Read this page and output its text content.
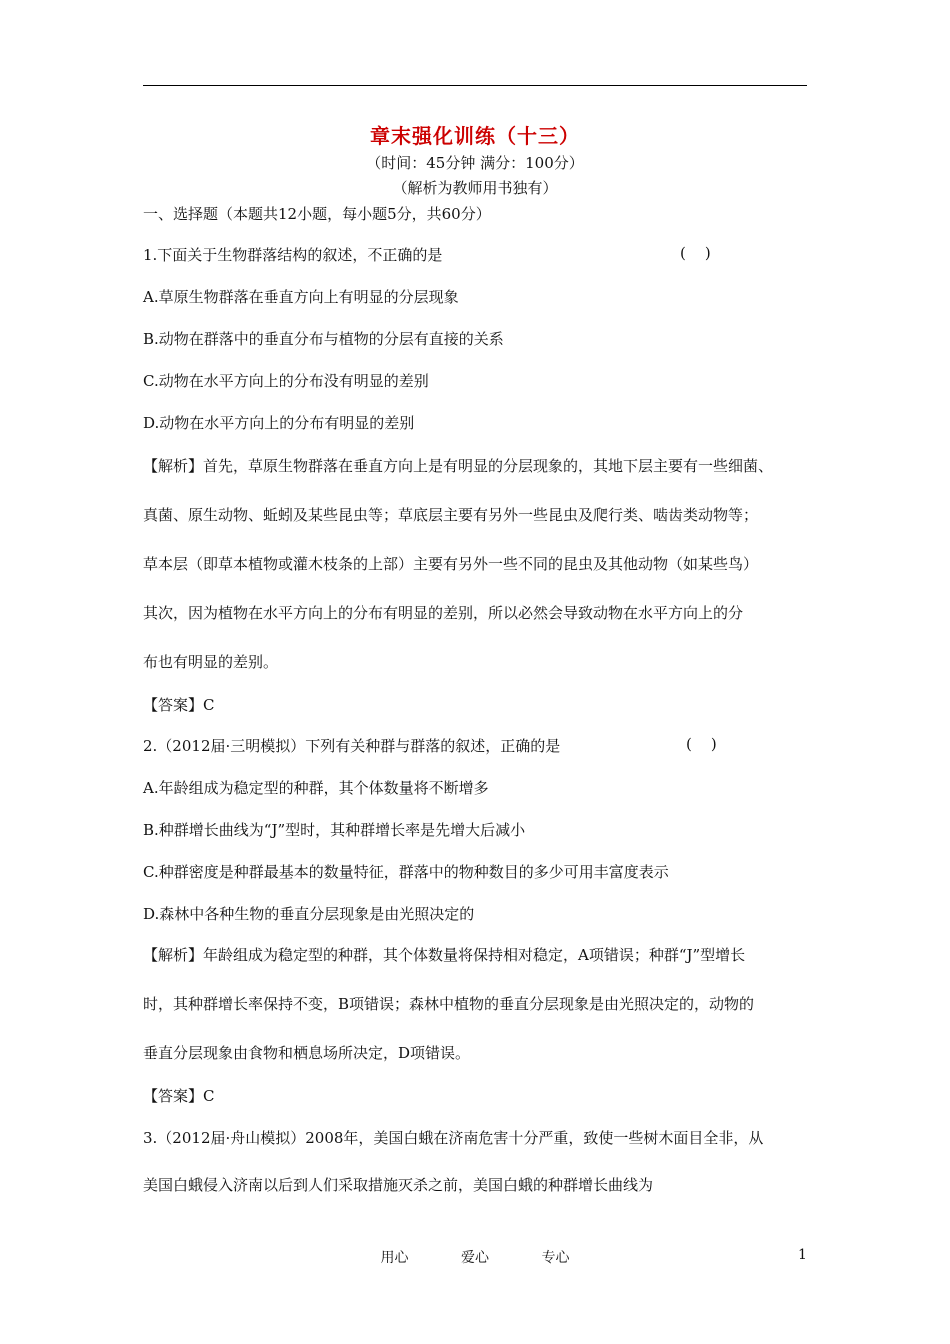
章末强化训练（十三）
（时间：45分钟 满分：100分）
（解析为教师用书独有）
一、选择题（本题共12小题，每小题5分，共60分）
1.下面关于生物群落结构的叙述，不正确的是	(    )
A.草原生物群落在垂直方向上有明显的分层现象
B.动物在群落中的垂直分布与植物的分层有直接的关系
C.动物在水平方向上的分布没有明显的差别
D.动物在水平方向上的分布有明显的差别
【解析】首先，草原生物群落在垂直方向上是有明显的分层现象的，其地下层主要有一些细菌、
真菌、原生动物、蚯蚓及某些昆虫等；草底层主要有另外一些昆虫及爬行类、啮齿类动物等；
草本层（即草本植物或灌木枝条的上部）主要有另外一些不同的昆虫及其他动物（如某些鸟）
其次，因为植物在水平方向上的分布有明显的差别，所以必然会导致动物在水平方向上的分
布也有明显的差别。
【答案】C
2.（2012届·三明模拟）下列有关种群与群落的叙述，正确的是	(    )
A.年龄组成为稳定型的种群，其个体数量将不断增多
B.种群增长曲线为“J”型时，其种群增长率是先增大后减小
C.种群密度是种群最基本的数量特征，群落中的物种数目的多少可用丰富度表示
D.森林中各种生物的垂直分层现象是由光照决定的
【解析】年龄组成为稳定型的种群，其个体数量将保持相对稳定，A项错误；种群“J”型增长
时，其种群增长率保持不变，B项错误；森林中植物的垂直分层现象是由光照决定的，动物的
垂直分层现象由食物和栖息场所决定，D项错误。
【答案】C
3.（2012届·舟山模拟）2008年，美国白蛾在济南危害十分严重，致使一些树木面目全非，从
美国白蛾侵入济南以后到人们采取措施灭杀之前，美国白蛾的种群增长曲线为
用心	爱心	专心	1
